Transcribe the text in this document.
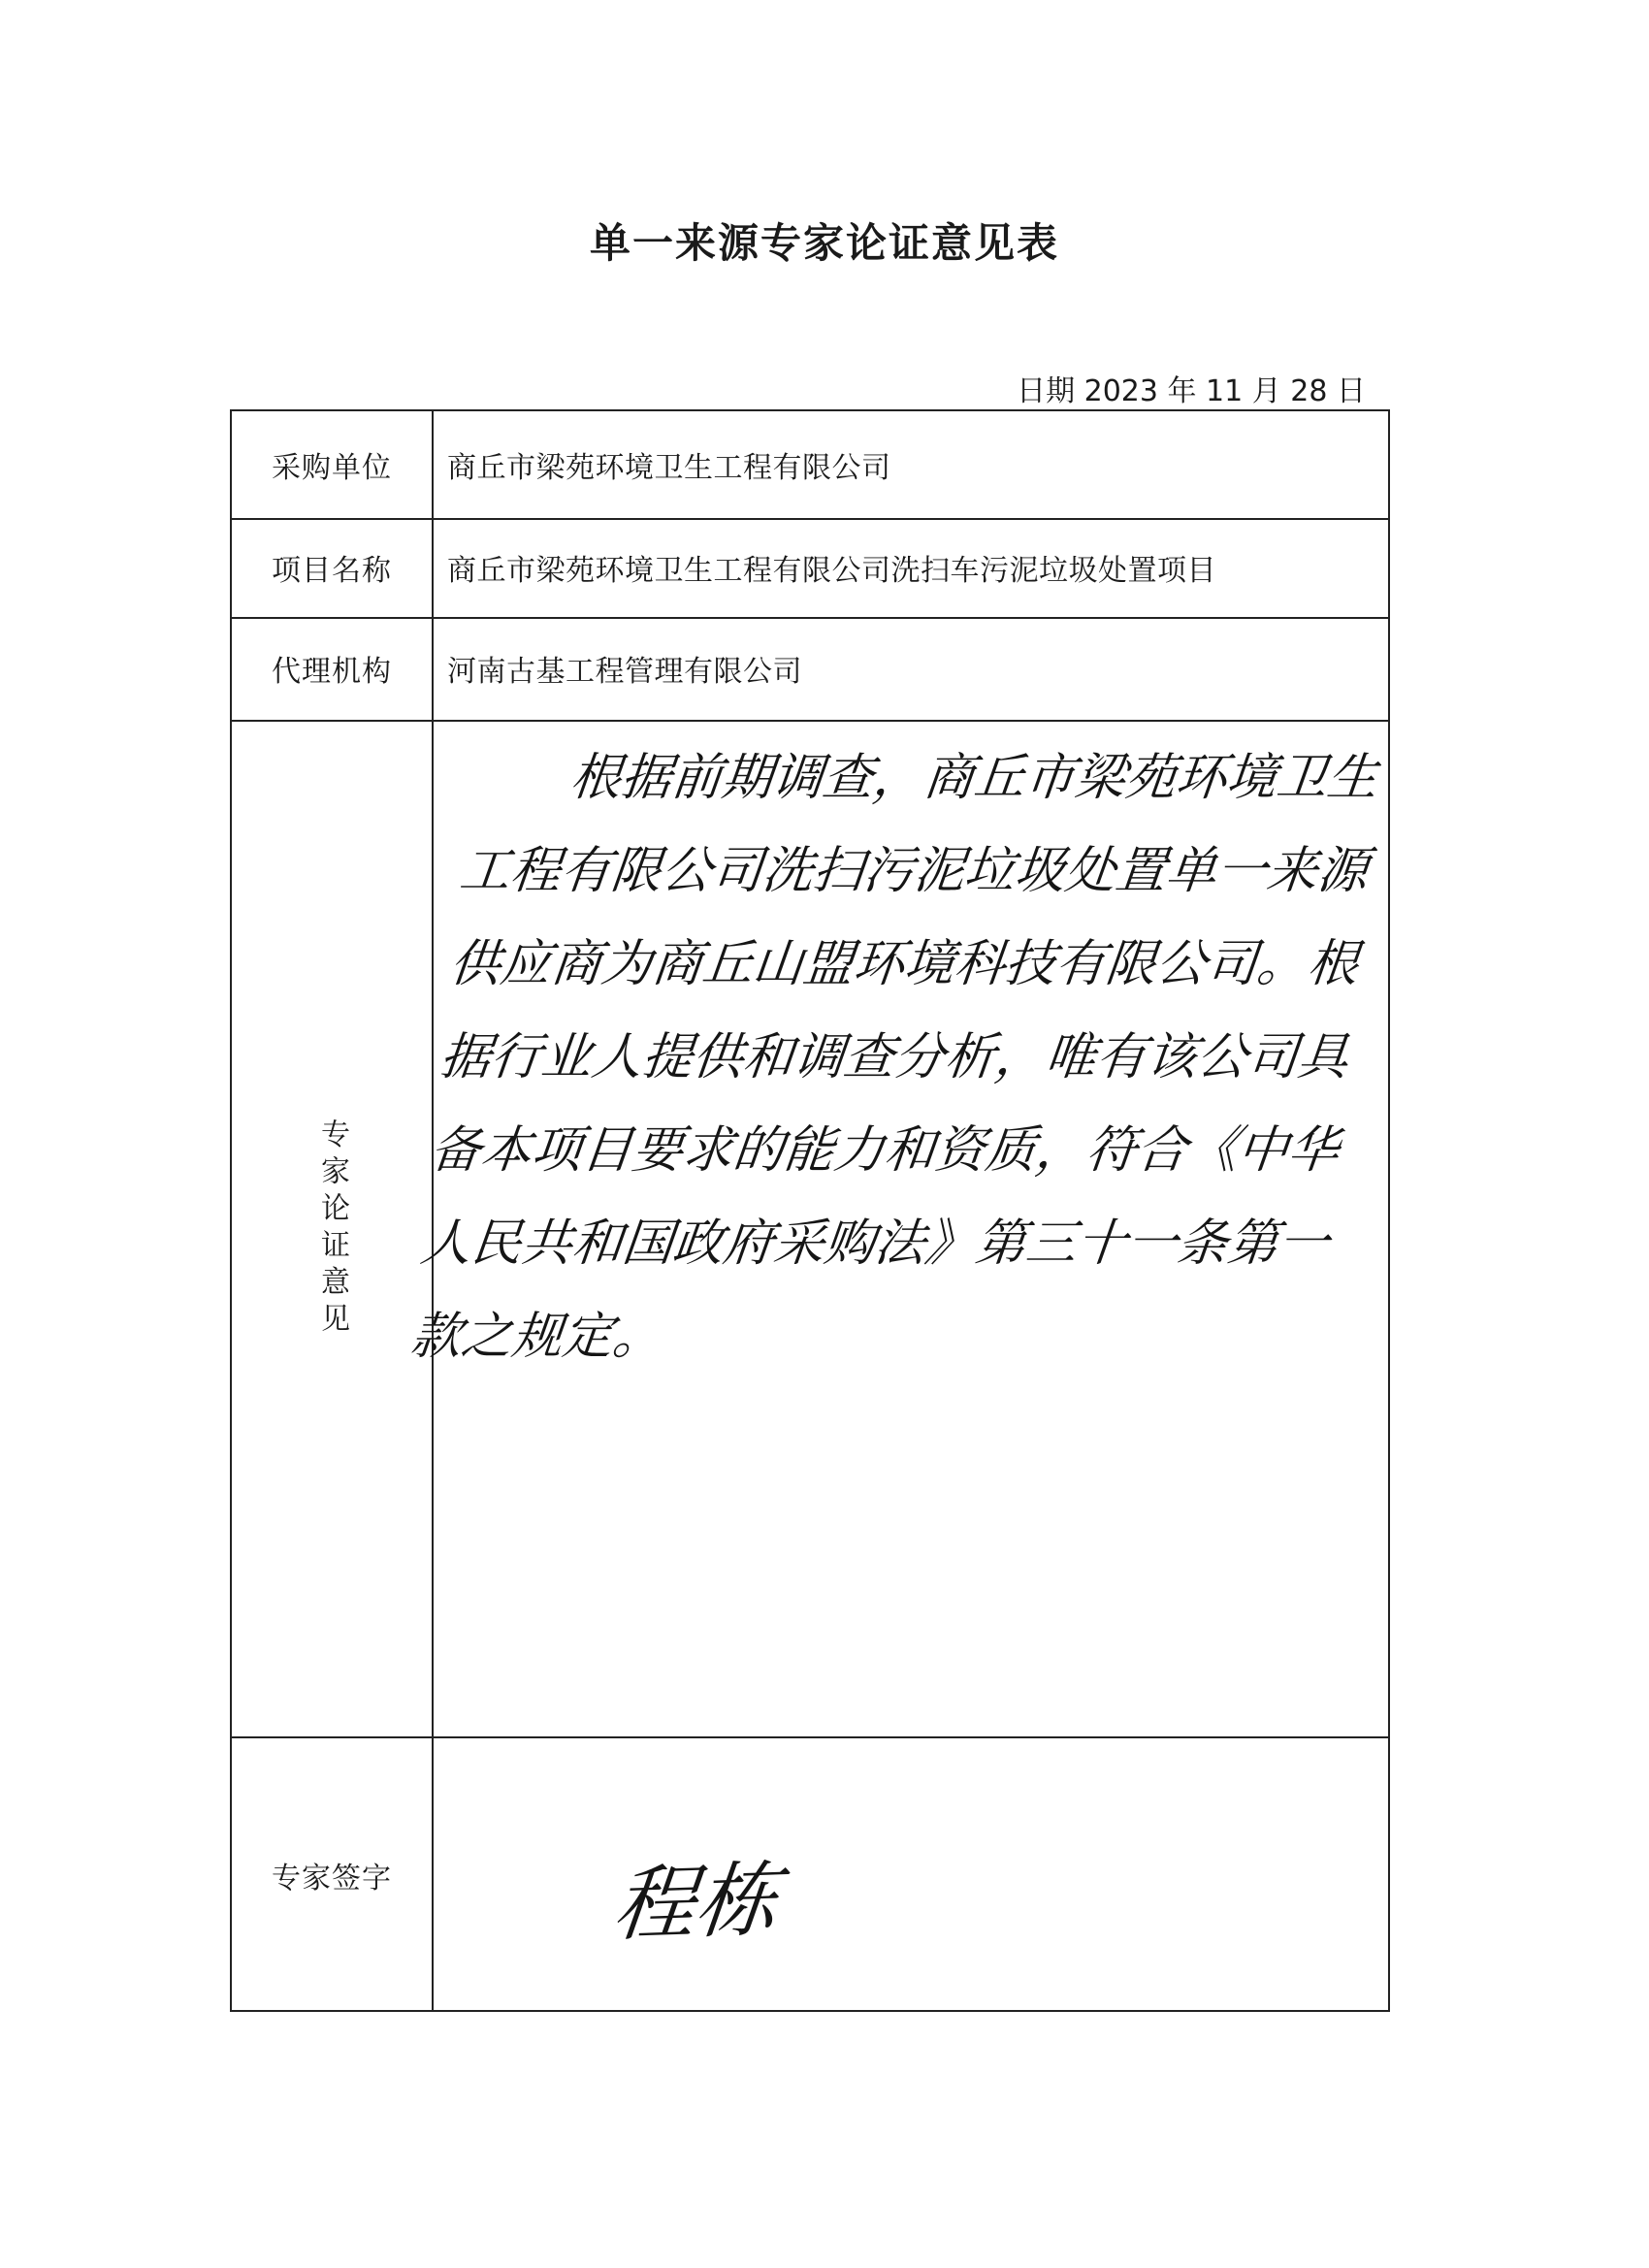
单一来源专家论证意见表
日期 2023 年 11 月 28 日
采购单位	商丘市梁苑环境卫生工程有限公司
项目名称	商丘市梁苑环境卫生工程有限公司洗扫车污泥垃圾处置项目
代理机构	河南古基工程管理有限公司
专家论证意见

根据前期调查，商丘市梁苑环境卫生工程有限公司洗扫污泥垃圾处置单一来源供应商为商丘山盟环境科技有限公司。根据行业人提供和调查分析，唯有该公司具备本项目要求的能力和资质，符合《中华人民共和国政府采购法》第三十一条第一款之规定。

专家签字	程栋
